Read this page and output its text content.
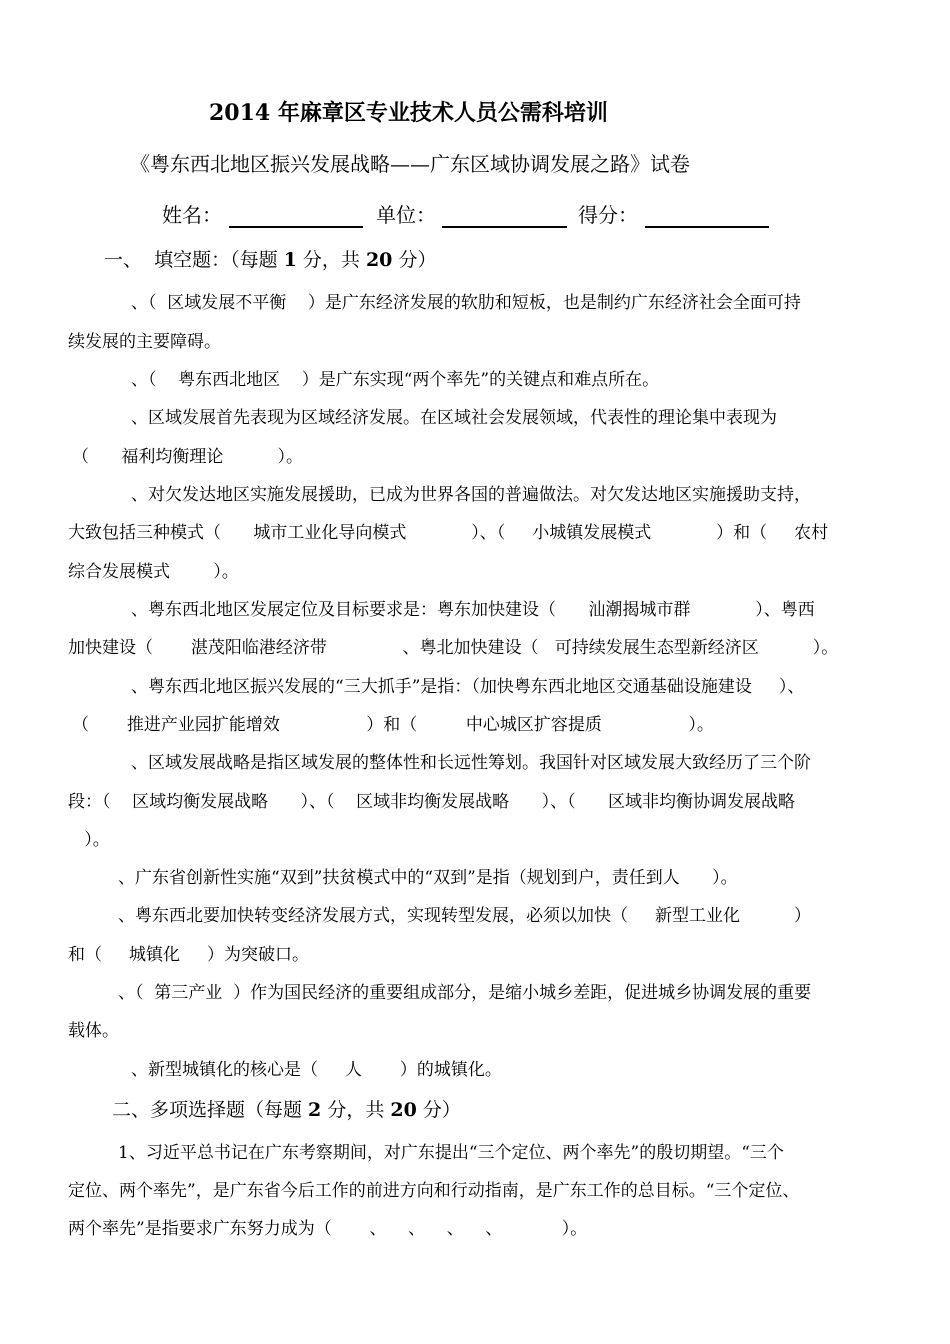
2014 年麻章区专业技术人员公需科培训
《粤东西北地区振兴发展战略——广东区域协调发展之路》试卷
姓名：	单位：	得分：
一、  填空题：（每题 1 分，共 20 分）
、（  区域发展不平衡    ）是广东经济发展的软肋和短板，也是制约广东经济社会全面可持
续发展的主要障碍。
、（    粤东西北地区    ）是广东实现“两个率先”的关键点和难点所在。
、区域发展首先表现为区域经济发展。在区域社会发展领域，代表性的理论集中表现为
（      福利均衡理论          ）。
、对欠发达地区实施发展援助，已成为世界各国的普遍做法。对欠发达地区实施援助支持，
大致包括三种模式（      城市工业化导向模式            ）、（     小城镇发展模式            ）和（     农村
综合发展模式        ）。
、粤东西北地区发展定位及目标要求是：粤东加快建设（      汕潮揭城市群            ）、粤西
加快建设（       湛茂阳临港经济带              、粤北加快建设（   可持续发展生态型新经济区          ）。
、粤东西北地区振兴发展的“三大抓手”是指：（加快粤东西北地区交通基础设施建设     ）、
（       推进产业园扩能增效                ）和（         中心城区扩容提质                ）。
、区域发展战略是指区域发展的整体性和长远性筹划。我国针对区域发展大致经历了三个阶
段：（    区域均衡发展战略      ）、（    区域非均衡发展战略      ）、（      区域非均衡协调发展战略
）。
、广东省创新性实施“双到”扶贫模式中的“双到”是指（规划到户，责任到人      ）。
、粤东西北要加快转变经济发展方式，实现转型发展，必须以加快（     新型工业化          ）
和（     城镇化     ）为突破口。
、（  第三产业  ）作为国民经济的重要组成部分，是缩小城乡差距，促进城乡协调发展的重要
载体。
、新型城镇化的核心是（     人       ）的城镇化。
二、多项选择题（每题 2 分，共 20 分）
1、习近平总书记在广东考察期间，对广东提出“三个定位、两个率先”的殷切期望。“三个
定位、两个率先”，是广东省今后工作的前进方向和行动指南，是广东工作的总目标。“三个定位、
两个率先”是指要求广东努力成为（       、    、    、    、           ）。
